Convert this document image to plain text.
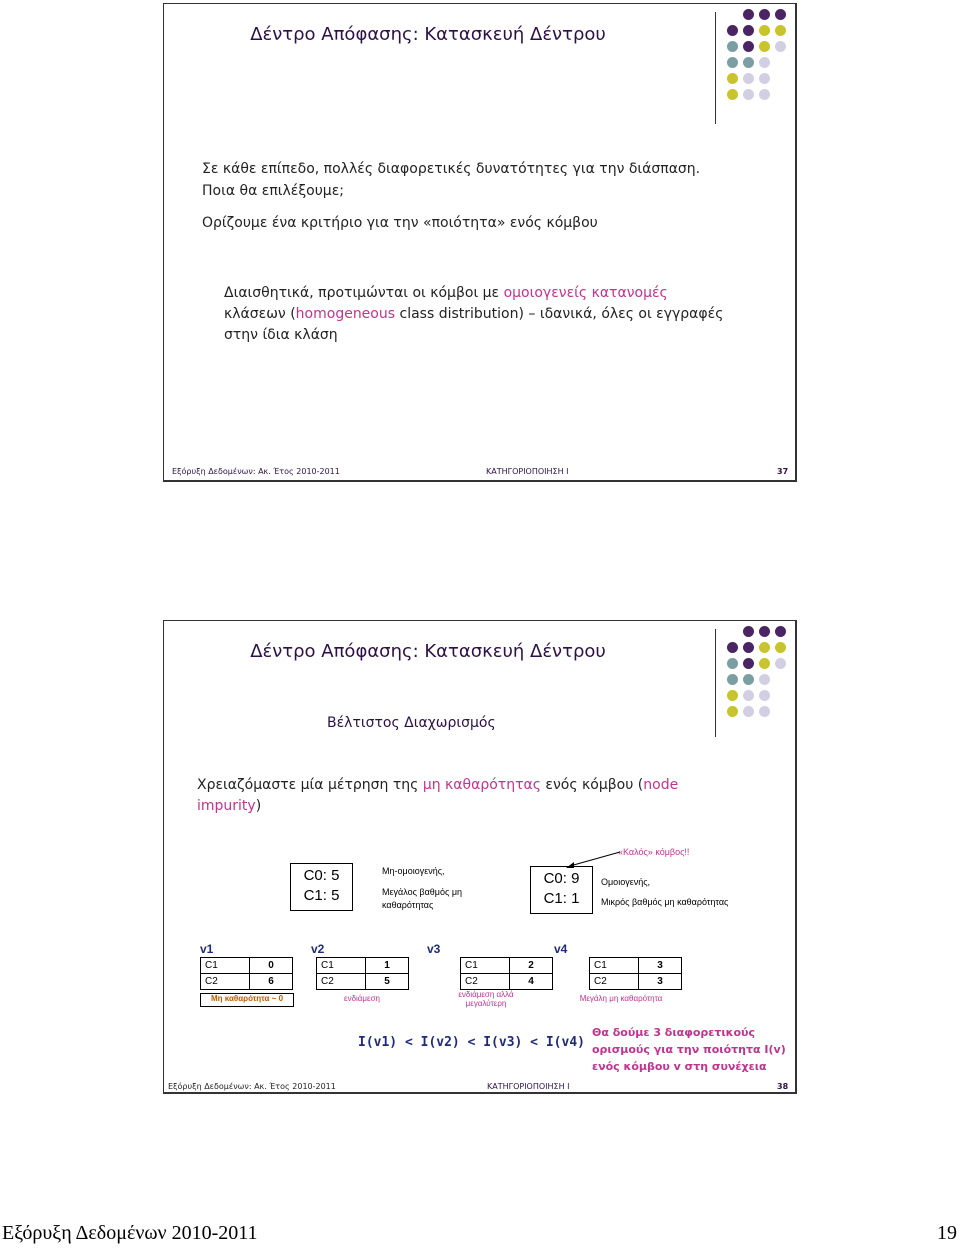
Δέντρο Απόφασης: Κατασκευή Δέντρου
Σε κάθε επίπεδο, πολλές διαφορετικές δυνατότητες για την διάσπαση.
Ποια θα επιλέξουμε;
Ορίζουμε ένα κριτήριο για την «ποιότητα» ενός κόμβου
Διαισθητικά, προτιμώνται οι κόμβοι με ομοιογενείς κατανομές
κλάσεων (homogeneous class distribution) – ιδανικά, όλες οι εγγραφές
στην ίδια κλάση
Εξόρυξη Δεδομένων: Ακ. Έτος 2010-2011	ΚΑΤΗΓΟΡΙΟΠΟΙΗΣΗ I	37
Δέντρο Απόφασης: Κατασκευή Δέντρου
Βέλτιστος Διαχωρισμός
Χρειαζόμαστε μία μέτρηση της μη καθαρότητας ενός κόμβου (node
impurity)
C0: 5
C1: 5
Μη-ομοιογενής,
Μεγάλος βαθμός μη
καθαρότητας
«Καλός» κόμβος!!
C0: 9
C1: 1
Ομοιογενής,
Μικρός βαθμός μη καθαρότητας
v1
C1	0
C2	6
Μη καθαρότητα ~ 0
v2
C1	1
C2	5
ενδιάμεση
v3
C1	2
C2	4
ενδιάμεση αλλά μεγαλύτερη
v4
C1	3
C2	3
Μεγάλη μη καθαρότητα
I(v1) < I(v2) < I(v3) < I(v4)
Θα δούμε 3 διαφορετικούς
ορισμούς για την ποιότητα I(v)
ενός κόμβου v στη συνέχεια
Εξόρυξη Δεδομένων: Ακ. Έτος 2010-2011	ΚΑΤΗΓΟΡΙΟΠΟΙΗΣΗ I	38
Εξόρυξη Δεδομένων 2010-2011	19
